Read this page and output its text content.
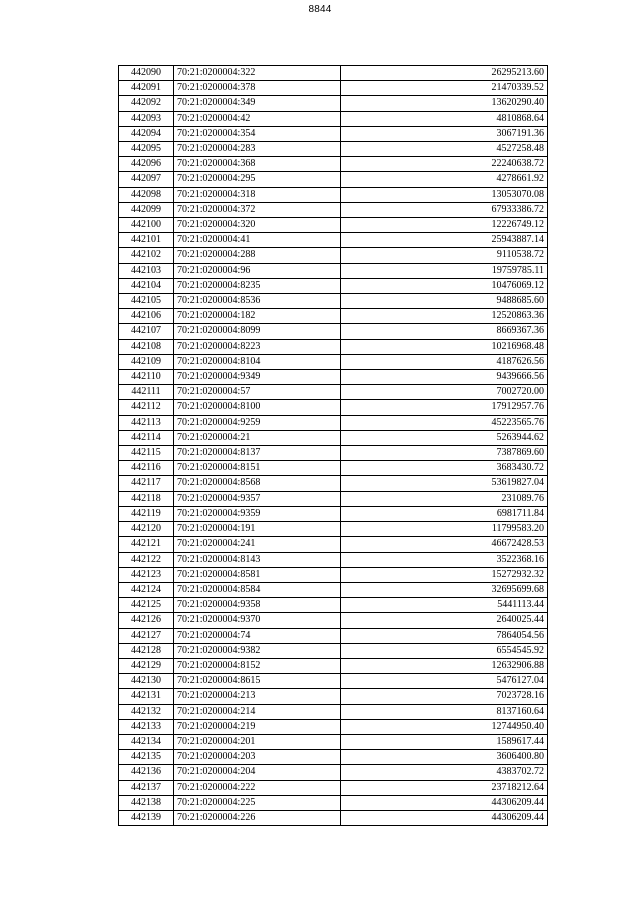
8844
442090	70:21:0200004:322	26295213.60
442091	70:21:0200004:378	21470339.52
442092	70:21:0200004:349	13620290.40
442093	70:21:0200004:42	4810868.64
442094	70:21:0200004:354	3067191.36
442095	70:21:0200004:283	4527258.48
442096	70:21:0200004:368	22240638.72
442097	70:21:0200004:295	4278661.92
442098	70:21:0200004:318	13053070.08
442099	70:21:0200004:372	67933386.72
442100	70:21:0200004:320	12226749.12
442101	70:21:0200004:41	25943887.14
442102	70:21:0200004:288	9110538.72
442103	70:21:0200004:96	19759785.11
442104	70:21:0200004:8235	10476069.12
442105	70:21:0200004:8536	9488685.60
442106	70:21:0200004:182	12520863.36
442107	70:21:0200004:8099	8669367.36
442108	70:21:0200004:8223	10216968.48
442109	70:21:0200004:8104	4187626.56
442110	70:21:0200004:9349	9439666.56
442111	70:21:0200004:57	7002720.00
442112	70:21:0200004:8100	17912957.76
442113	70:21:0200004:9259	45223565.76
442114	70:21:0200004:21	5263944.62
442115	70:21:0200004:8137	7387869.60
442116	70:21:0200004:8151	3683430.72
442117	70:21:0200004:8568	53619827.04
442118	70:21:0200004:9357	231089.76
442119	70:21:0200004:9359	6981711.84
442120	70:21:0200004:191	11799583.20
442121	70:21:0200004:241	46672428.53
442122	70:21:0200004:8143	3522368.16
442123	70:21:0200004:8581	15272932.32
442124	70:21:0200004:8584	32695699.68
442125	70:21:0200004:9358	5441113.44
442126	70:21:0200004:9370	2640025.44
442127	70:21:0200004:74	7864054.56
442128	70:21:0200004:9382	6554545.92
442129	70:21:0200004:8152	12632906.88
442130	70:21:0200004:8615	5476127.04
442131	70:21:0200004:213	7023728.16
442132	70:21:0200004:214	8137160.64
442133	70:21:0200004:219	12744950.40
442134	70:21:0200004:201	1589617.44
442135	70:21:0200004:203	3606400.80
442136	70:21:0200004:204	4383702.72
442137	70:21:0200004:222	23718212.64
442138	70:21:0200004:225	44306209.44
442139	70:21:0200004:226	44306209.44
